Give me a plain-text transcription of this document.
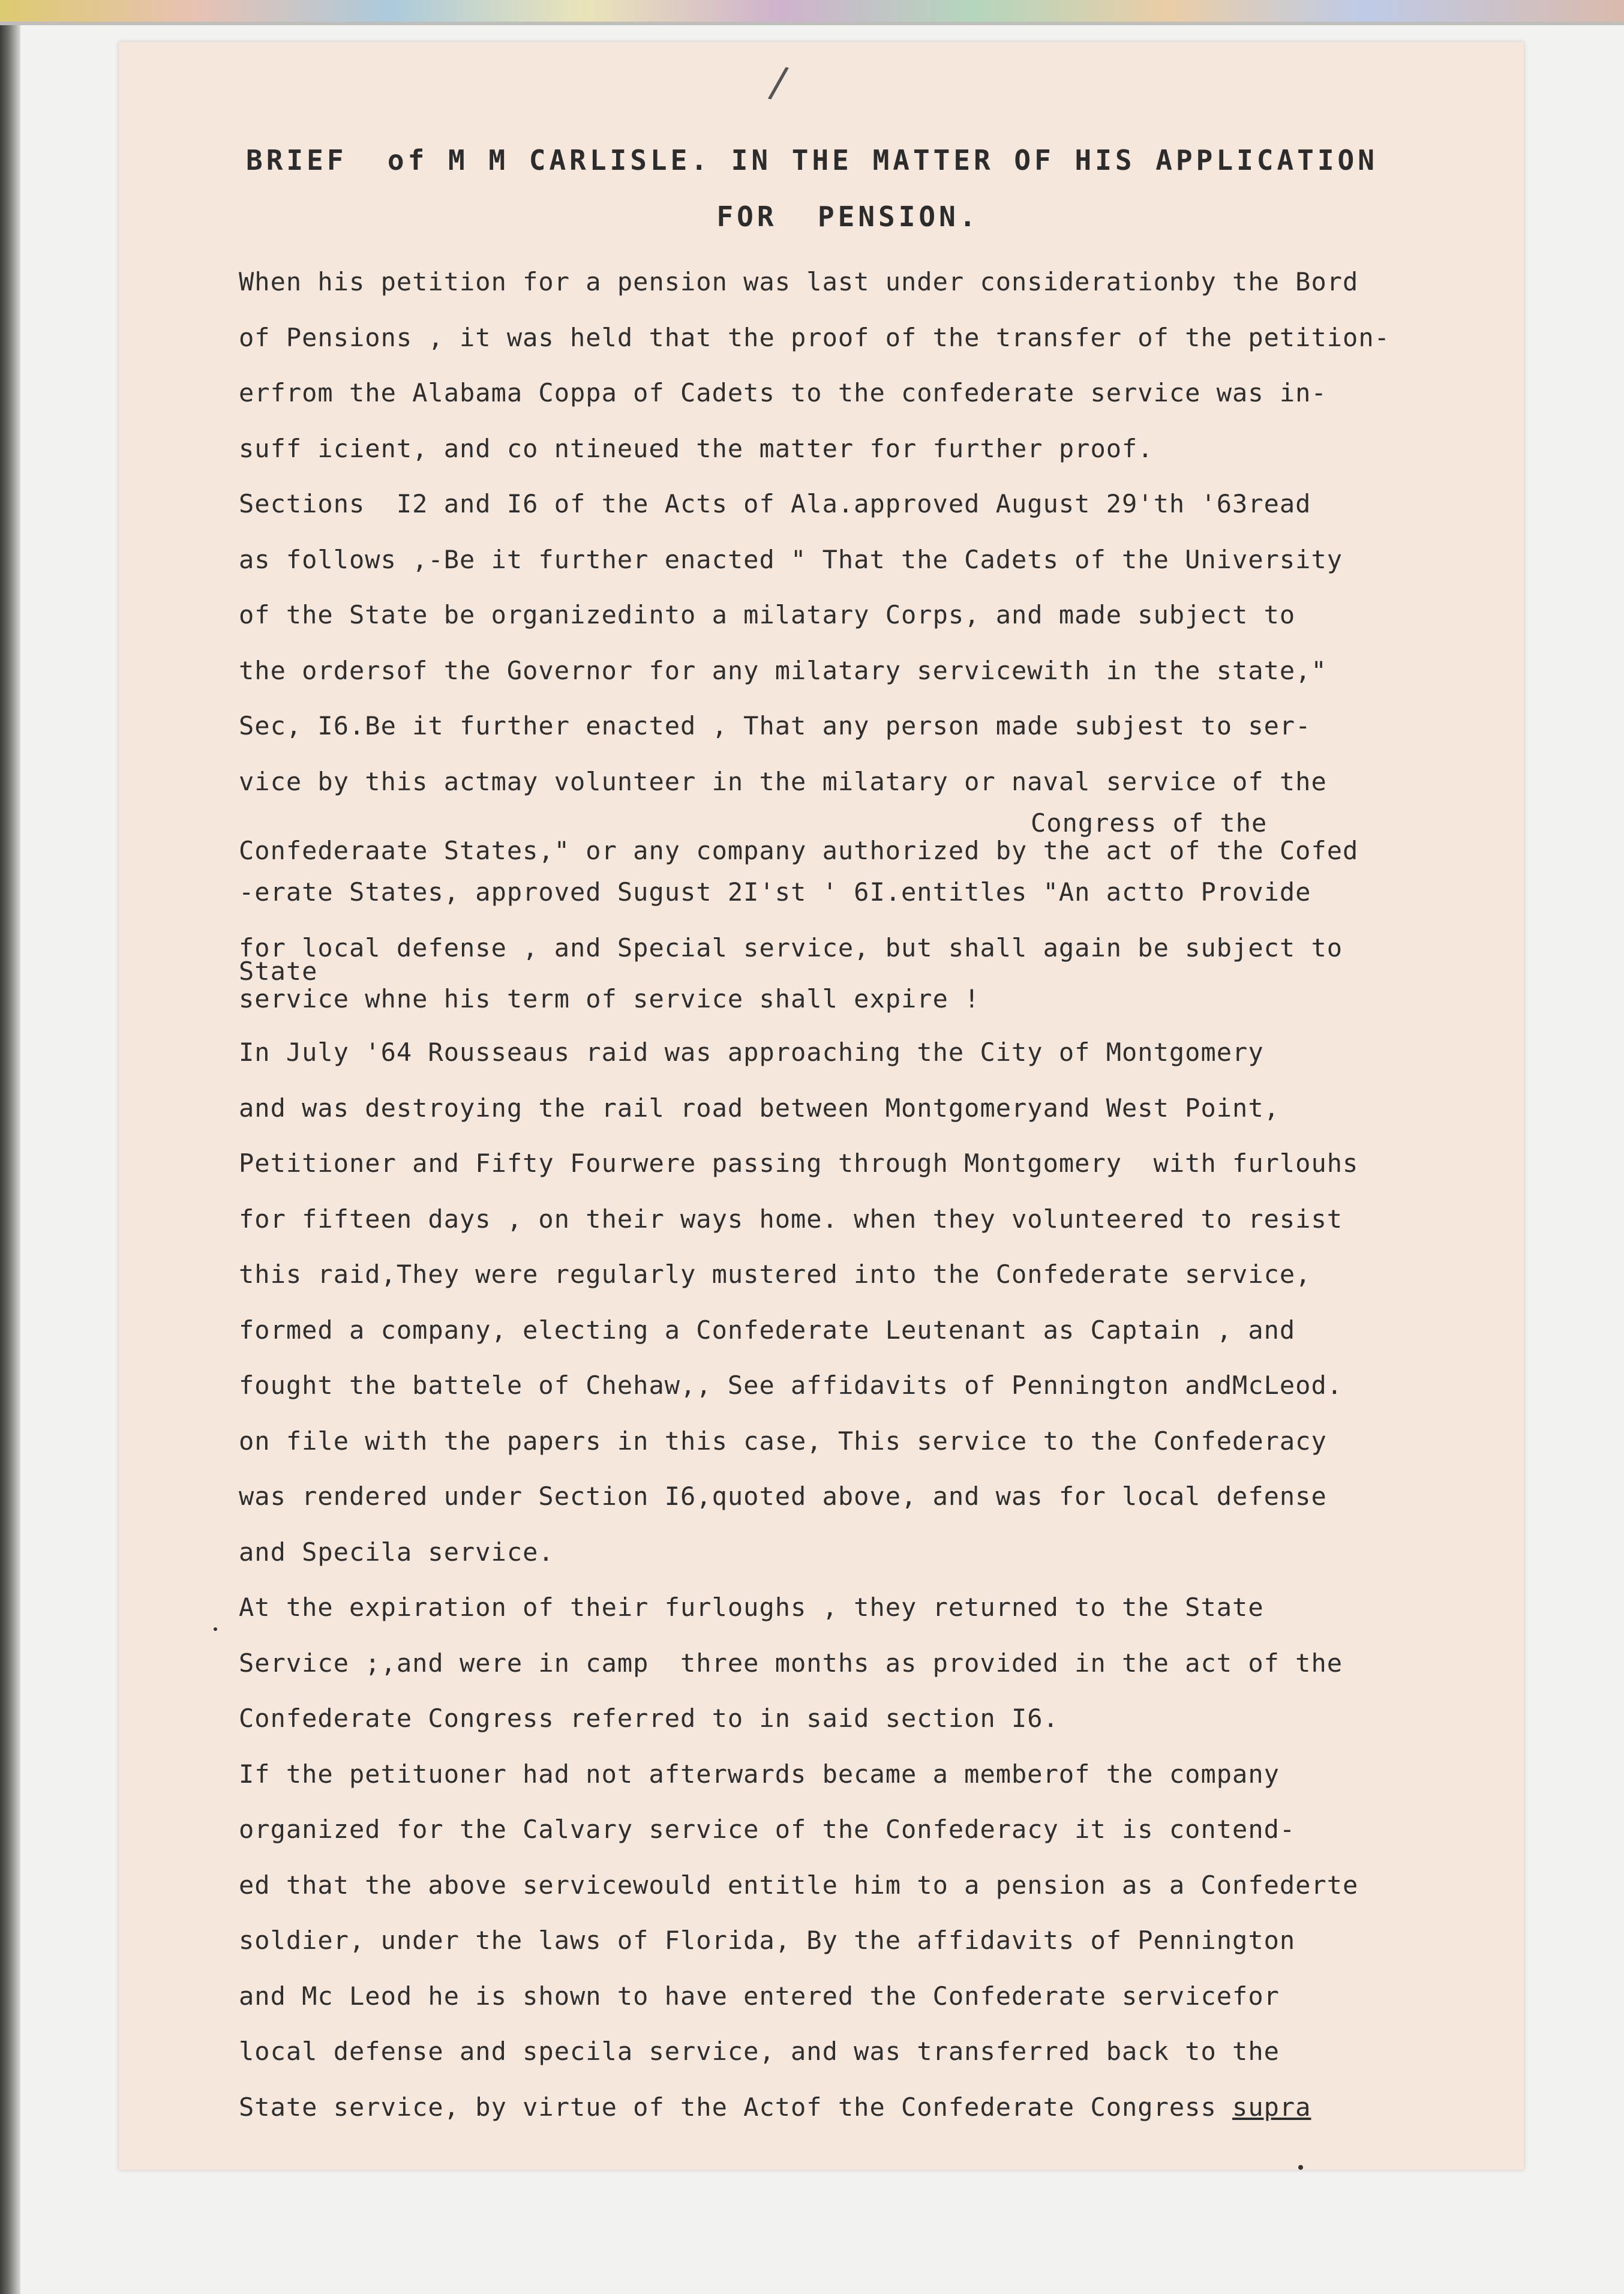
/
BRIEF  of M M CARLISLE. IN THE MATTER OF HIS APPLICATION
FOR  PENSION.
When his petition for a pension was last under considerationby the Bord
of Pensions , it was held that the proof of the transfer of the petition-
erfrom the Alabama Coppa of Cadets to the confederate service was in-
suff icient, and co ntineued the matter for further proof.
Sections  I2 and I6 of the Acts of Ala.approved August 29'th '63read
as follows ,-Be it further enacted " That the Cadets of the University
of the State be organizedinto a milatary Corps, and made subject to
the ordersof the Governor for any milatary servicewith in the state,"
Sec, I6.Be it further enacted , That any person made subjest to ser-
vice by this actmay volunteer in the milatary or naval service of the
Congress of the
Confederaate States," or any company authorized by the act of the Cofed
-erate States, approved Sugust 2I'st ' 6I.entitles "An actto Provide
for local defense , and Special service, but shall again be subject to
State
service whne his term of service shall expire !
In July '64 Rousseaus raid was approaching the City of Montgomery
and was destroying the rail road between Montgomeryand West Point,
Petitioner and Fifty Fourwere passing through Montgomery  with furlouhs
for fifteen days , on their ways home. when they volunteered to resist
this raid,They were regularly mustered into the Confederate service,
formed a company, electing a Confederate Leutenant as Captain , and
fought the battele of Chehaw,, See affidavits of Pennington andMcLeod.
on file with the papers in this case, This service to the Confederacy
was rendered under Section I6,quoted above, and was for local defense
and Specila service.
At the expiration of their furloughs , they returned to the State
Service ;,and were in camp  three months as provided in the act of the
Confederate Congress referred to in said section I6.
If the petituoner had not afterwards became a memberof the company
organized for the Calvary service of the Confederacy it is contend-
ed that the above servicewould entitle him to a pension as a Confederte
soldier, under the laws of Florida, By the affidavits of Pennington
and Mc Leod he is shown to have entered the Confederate servicefor
local defense and specila service, and was transferred back to the
State service, by virtue of the Actof the Confederate Congress supra
